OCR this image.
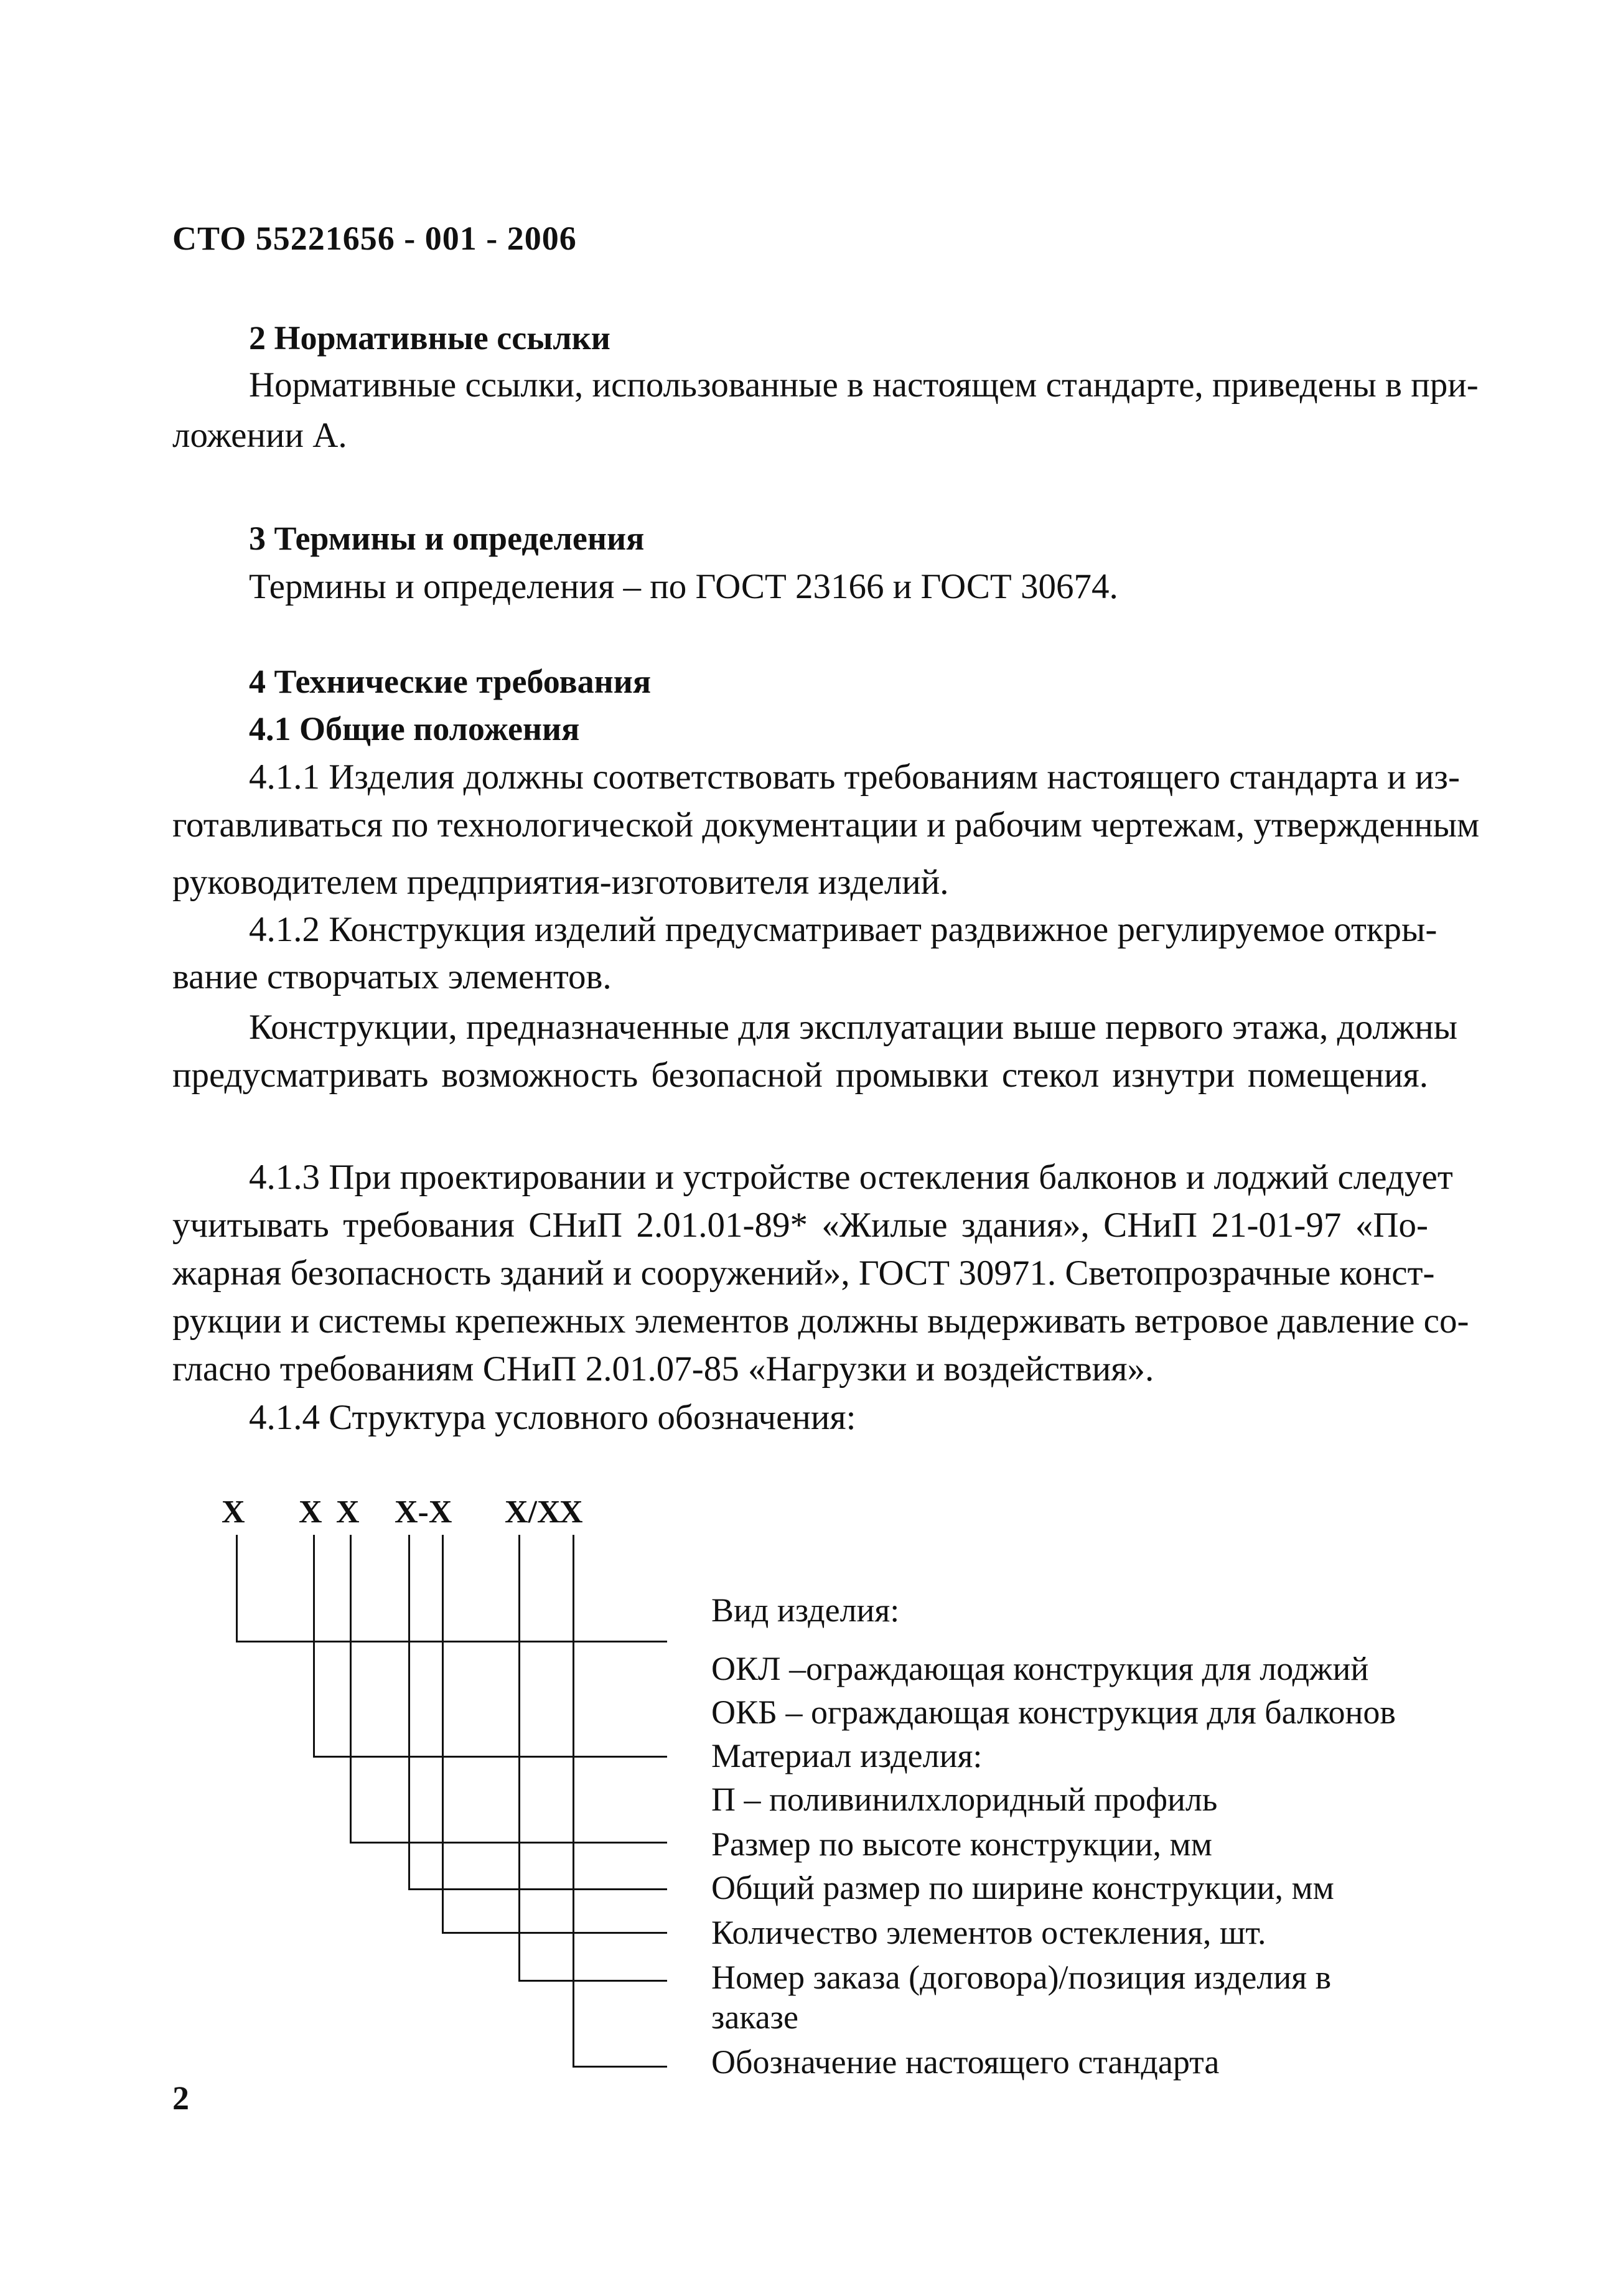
СТО 55221656 - 001 - 2006
2 Нормативные ссылки
Нормативные ссылки, использованные в настоящем стандарте, приведены в при-
ложении А.
3 Термины и определения
Термины и определения – по ГОСТ 23166 и ГОСТ 30674.
4 Технические требования
4.1 Общие положения
4.1.1 Изделия должны соответствовать требованиям настоящего стандарта и из-
готавливаться по технологической документации и рабочим чертежам, утвержденным
руководителем предприятия-изготовителя изделий.
4.1.2 Конструкция изделий предусматривает раздвижное регулируемое откры-
вание створчатых элементов.
Конструкции, предназначенные для эксплуатации выше первого этажа, должны
предусматривать возможность безопасной промывки стекол изнутри помещения.
4.1.3 При проектировании и устройстве остекления балконов и лоджий следует
учитывать требования СНиП 2.01.01-89* «Жилые здания», СНиП 21-01-97 «По-
жарная безопасность зданий и сооружений», ГОСТ 30971. Светопрозрачные конст-
рукции и системы крепежных элементов должны выдерживать ветровое давление со-
гласно требованиям СНиП 2.01.07-85 «Нагрузки и воздействия».
4.1.4 Структура условного обозначения:
X X X X-X X/X
X
Вид изделия:
ОКЛ –ограждающая конструкция для лоджий
ОКБ – ограждающая конструкция для балконов
Материал изделия:
П – поливинилхлоридный профиль
Размер по высоте конструкции, мм
Общий размер по ширине конструкции, мм
Количество элементов остекления, шт.
Номер заказа (договора)/позиция изделия в
заказе
Обозначение настоящего стандарта
2
